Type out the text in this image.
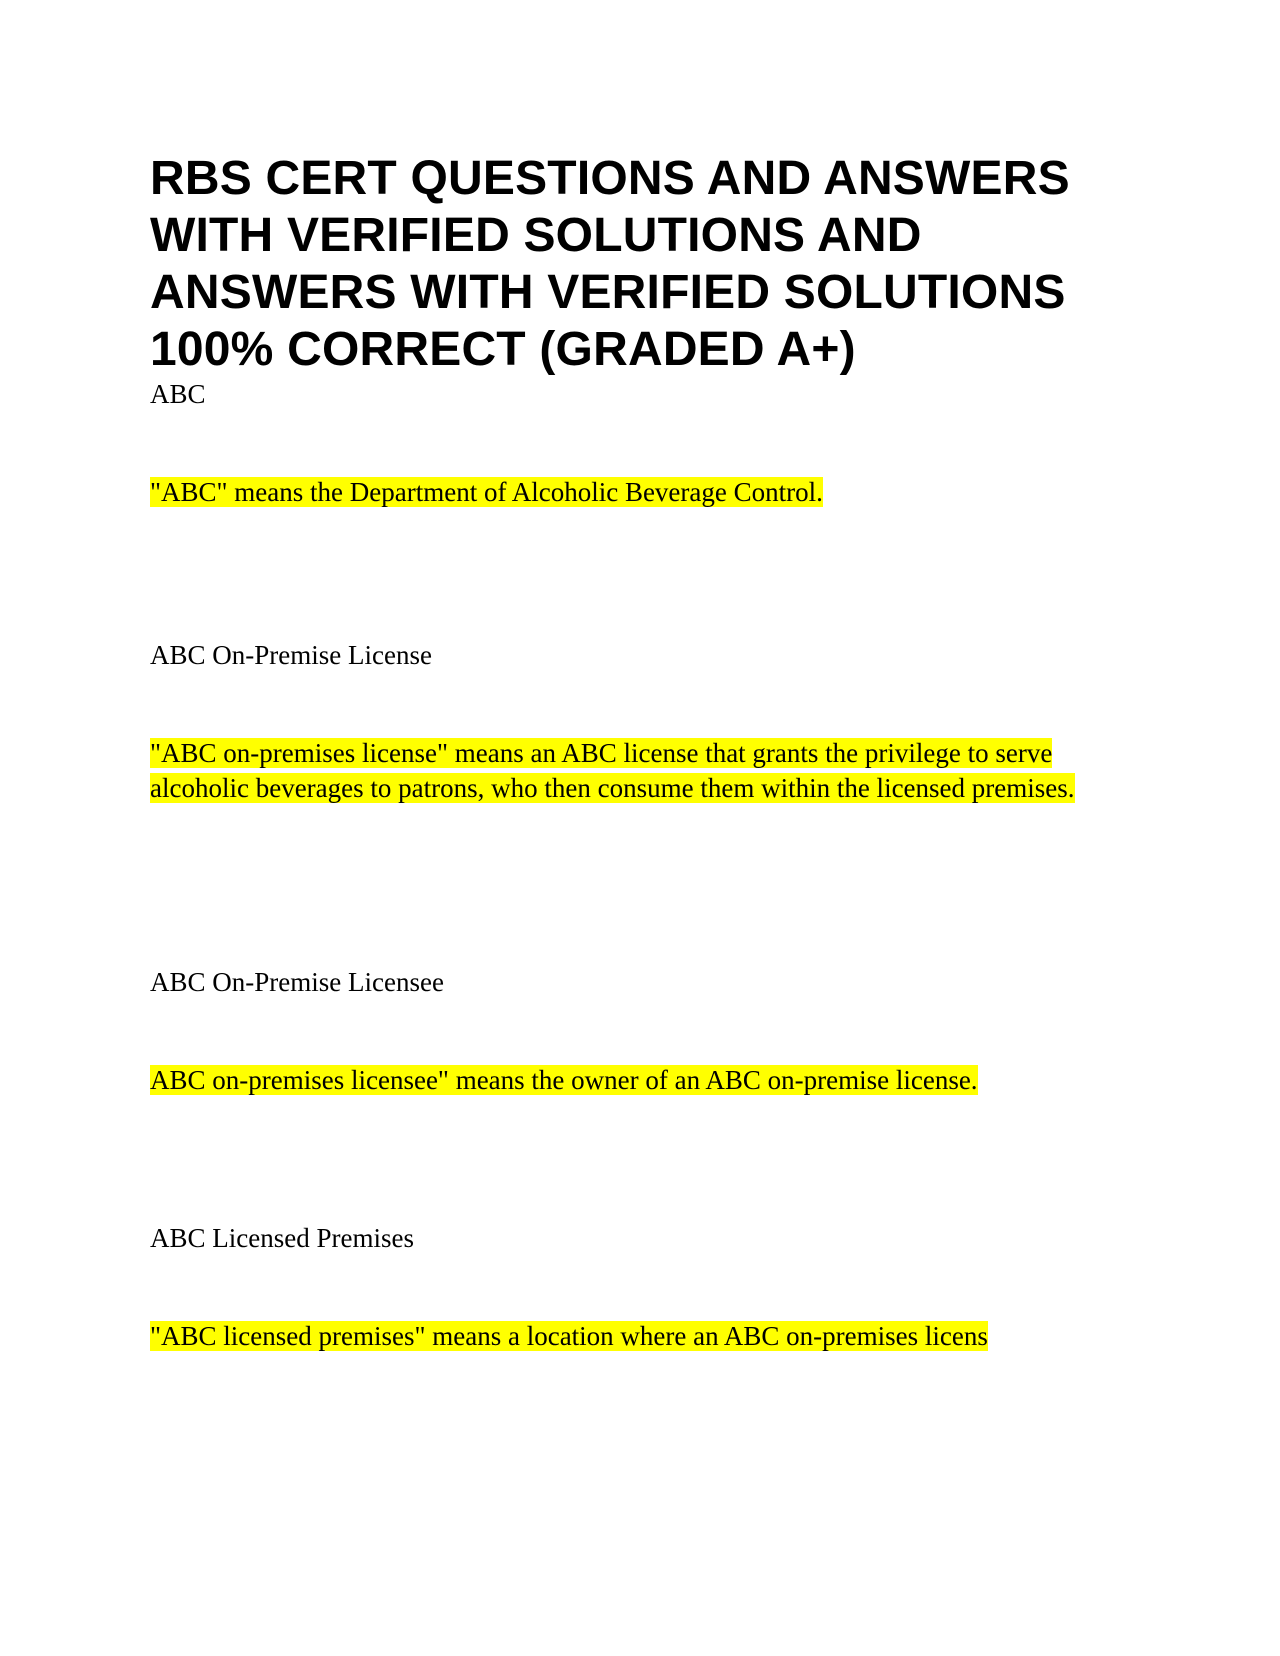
RBS CERT QUESTIONS AND ANSWERS WITH VERIFIED SOLUTIONS AND ANSWERS WITH VERIFIED SOLUTIONS 100% CORRECT (GRADED A+)

ABC

"ABC" means the Department of Alcoholic Beverage Control.

ABC On-Premise License

"ABC on-premises license" means an ABC license that grants the privilege to serve alcoholic beverages to patrons, who then consume them within the licensed premises.

ABC On-Premise Licensee

ABC on-premises licensee" means the owner of an ABC on-premise license.

ABC Licensed Premises

"ABC licensed premises" means a location where an ABC on-premises licens
